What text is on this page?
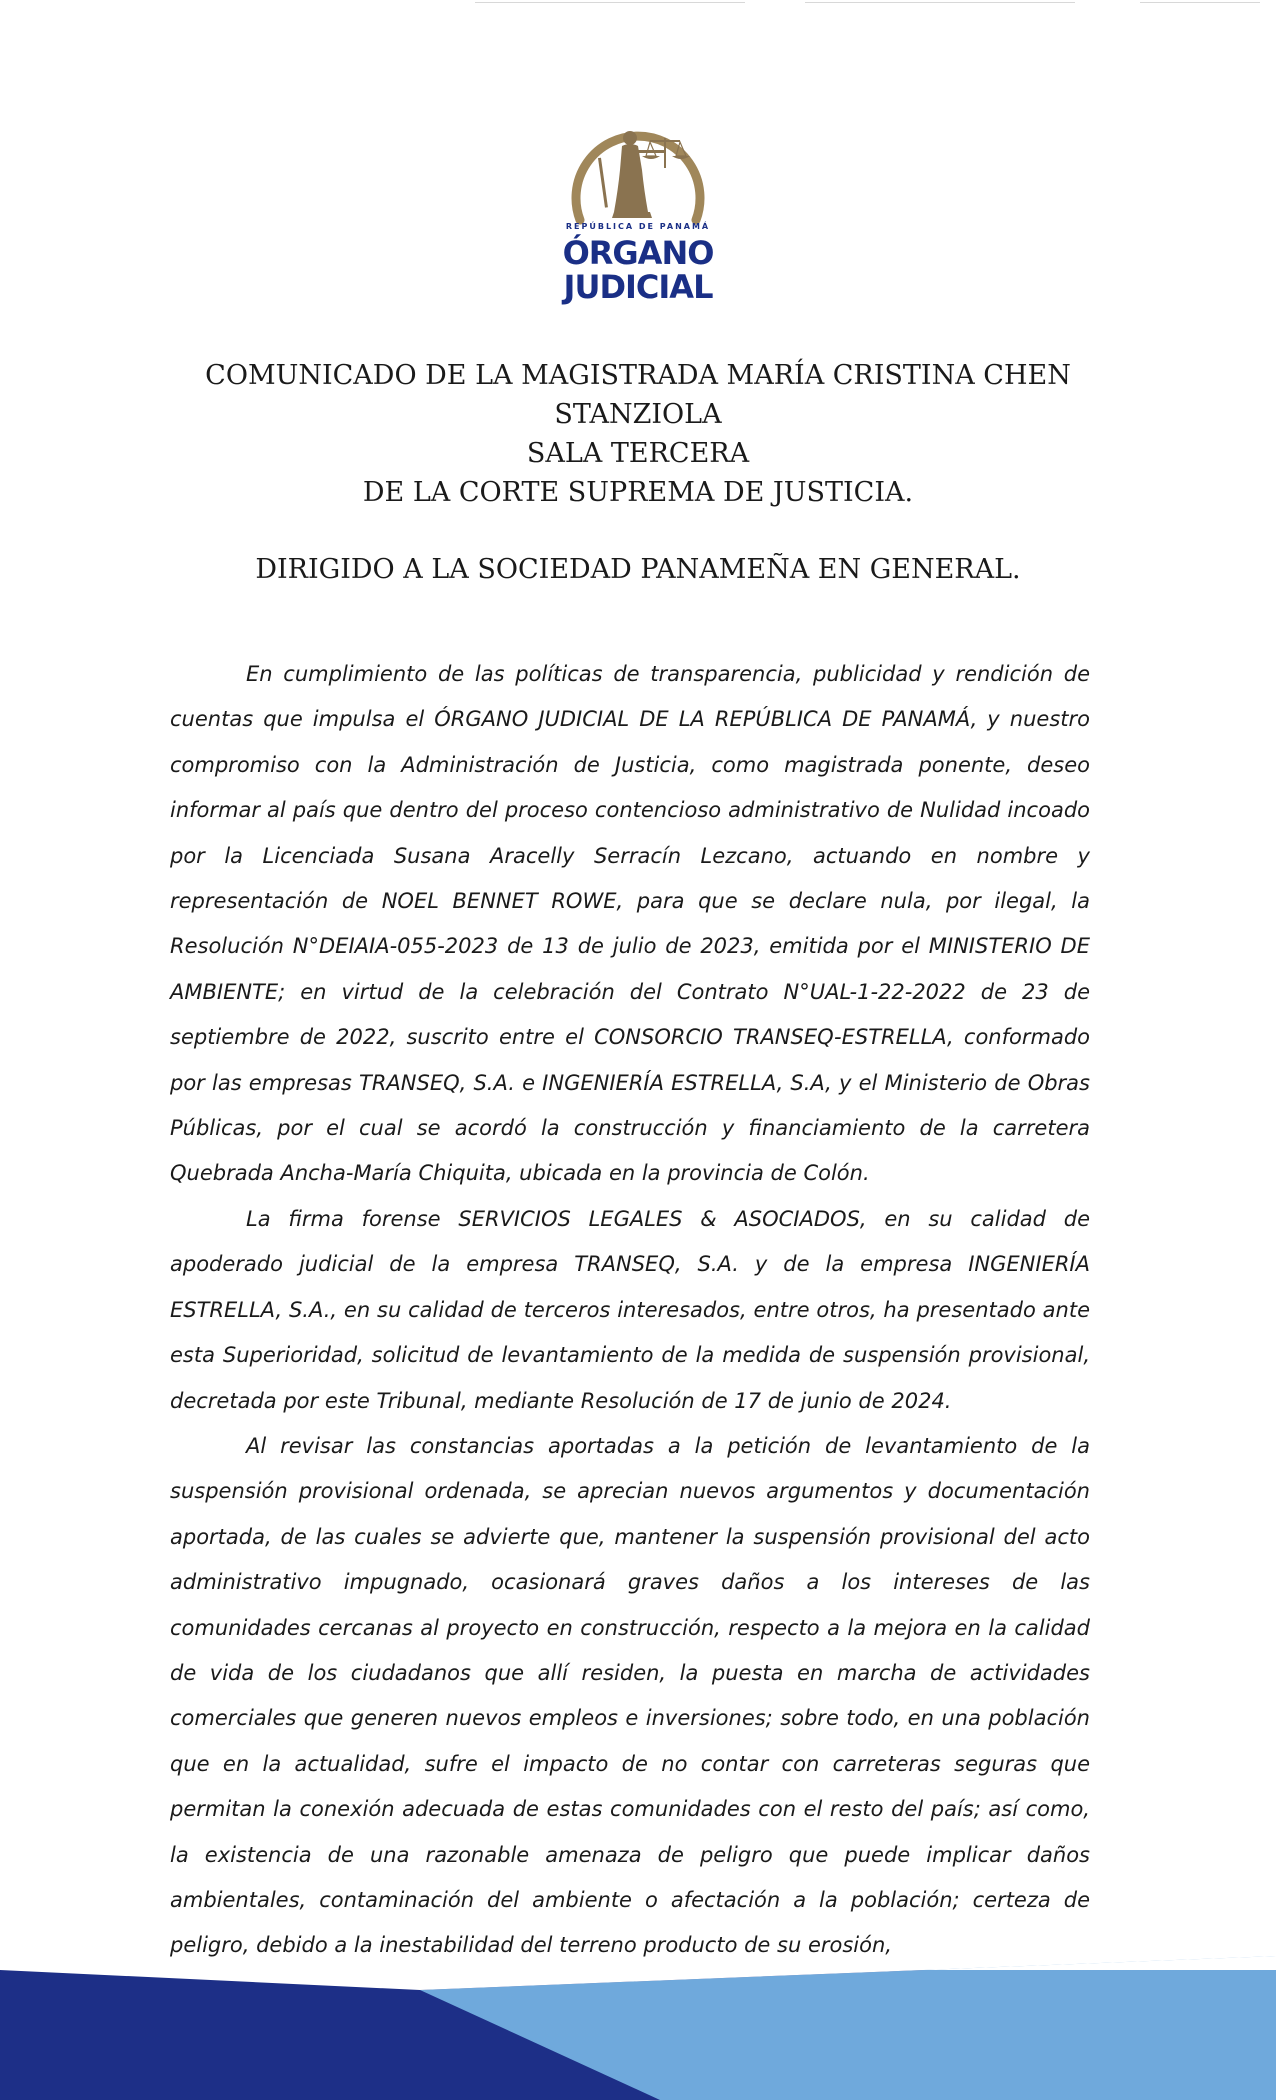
REPÚBLICA DE PANAMÁ
ÓRGANO
JUDICIAL
COMUNICADO DE LA MAGISTRADA MARÍA CRISTINA CHEN
STANZIOLA
SALA TERCERA
DE LA CORTE SUPREMA DE JUSTICIA.
DIRIGIDO A LA SOCIEDAD PANAMEÑA EN GENERAL.

En cumplimiento de las políticas de transparencia, publicidad y rendición de cuentas que impulsa el ÓRGANO JUDICIAL DE LA REPÚBLICA DE PANAMÁ, y nuestro compromiso con la Administración de Justicia, como magistrada ponente, deseo informar al país que dentro del proceso contencioso administrativo de Nulidad incoado por la Licenciada Susana Aracelly Serracín Lezcano, actuando en nombre y representación de NOEL BENNET ROWE, para que se declare nula, por ilegal, la Resolución N°DEIAIA-055-2023 de 13 de julio de 2023, emitida por el MINISTERIO DE AMBIENTE; en virtud de la celebración del Contrato N°UAL-1-22-2022 de 23 de septiembre de 2022, suscrito entre el CONSORCIO TRANSEQ-ESTRELLA, conformado por las empresas TRANSEQ, S.A. e INGENIERÍA ESTRELLA, S.A, y el Ministerio de Obras Públicas, por el cual se acordó la construcción y financiamiento de la carretera Quebrada Ancha-María Chiquita, ubicada en la provincia de Colón.

La firma forense SERVICIOS LEGALES & ASOCIADOS, en su calidad de apoderado judicial de la empresa TRANSEQ, S.A. y de la empresa INGENIERÍA ESTRELLA, S.A., en su calidad de terceros interesados, entre otros, ha presentado ante esta Superioridad, solicitud de levantamiento de la medida de suspensión provisional, decretada por este Tribunal, mediante Resolución de 17 de junio de 2024.

Al revisar las constancias aportadas a la petición de levantamiento de la suspensión provisional ordenada, se aprecian nuevos argumentos y documentación aportada, de las cuales se advierte que, mantener la suspensión provisional del acto administrativo impugnado, ocasionará graves daños a los intereses de las comunidades cercanas al proyecto en construcción, respecto a la mejora en la calidad de vida de los ciudadanos que allí residen, la puesta en marcha de actividades comerciales que generen nuevos empleos e inversiones; sobre todo, en una población que en la actualidad, sufre el impacto de no contar con carreteras seguras que permitan la conexión adecuada de estas comunidades con el resto del país; así como, la existencia de una razonable amenaza de peligro que puede implicar daños ambientales, contaminación del ambiente o afectación a la población; certeza de peligro, debido a la inestabilidad del terreno producto de su erosión,
